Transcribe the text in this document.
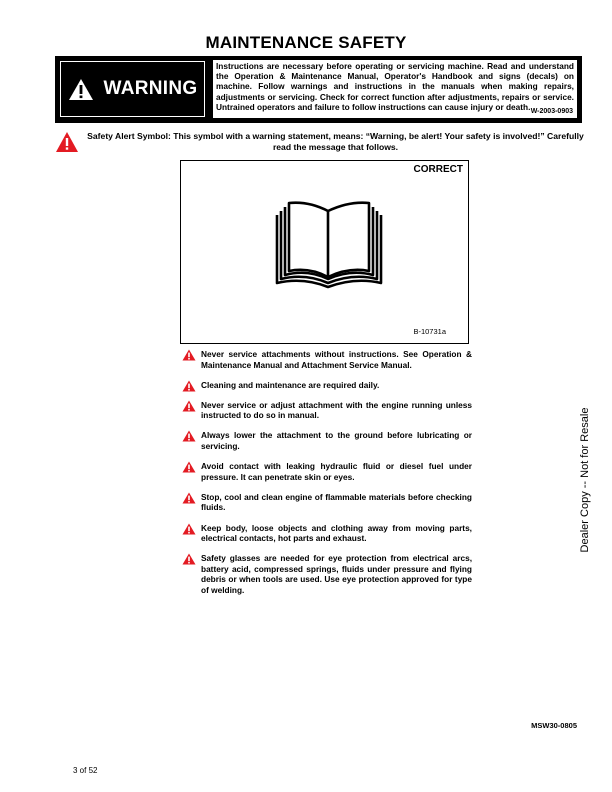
MAINTENANCE SAFETY
WARNING
Instructions are necessary before operating or servicing machine. Read and understand the Operation & Maintenance Manual, Operator's Handbook and signs (decals) on machine. Follow warnings and instructions in the manuals when making repairs, adjustments or servicing. Check for correct function after adjustments, repairs or service. Untrained operators and failure to follow instructions can cause injury or death. W-2003-0903
Safety Alert Symbol: This symbol with a warning statement, means: “Warning, be alert! Your safety is involved!” Carefully read the message that follows.
CORRECT
B-10731a
Never service attachments without instructions. See Operation & Maintenance Manual and Attachment Service Manual.
Cleaning and maintenance are required daily.
Never service or adjust attachment with the engine running unless instructed to do so in manual.
Always lower the attachment to the ground before lubricating or servicing.
Avoid contact with leaking hydraulic fluid or diesel fuel under pressure. It can penetrate skin or eyes.
Stop, cool and clean engine of flammable materials before checking fluids.
Keep body, loose objects and clothing away from moving parts, electrical contacts, hot parts and exhaust.
Safety glasses are needed for eye protection from electrical arcs, battery acid, compressed springs, fluids under pressure and flying debris or when tools are used. Use eye protection approved for type of welding.
Dealer Copy -- Not for Resale
MSW30-0805
3 of 52
